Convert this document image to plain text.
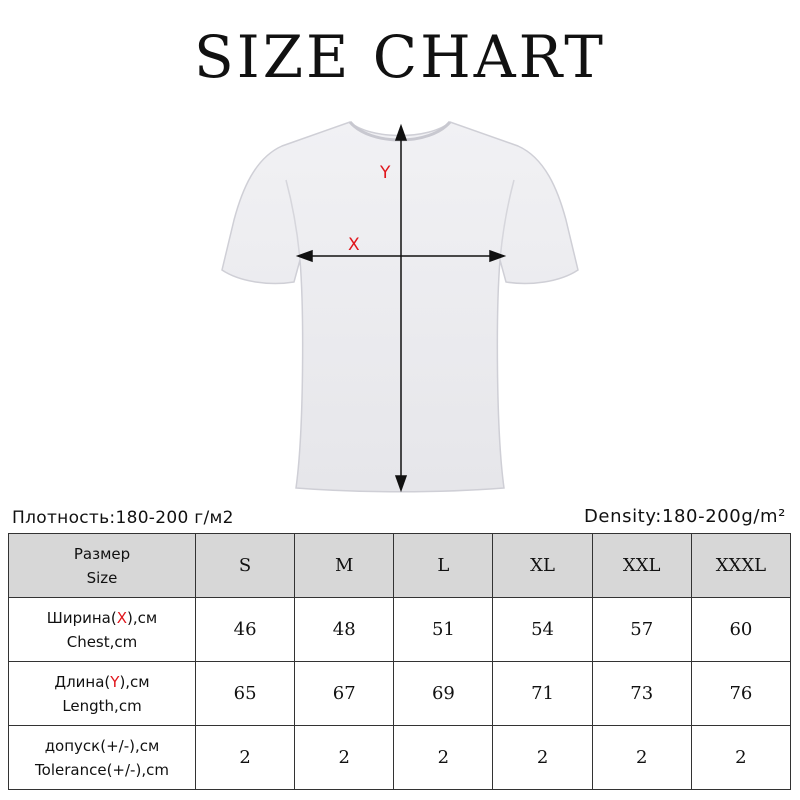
SIZE CHART
Y
X
Плотность:180-200 г/м2	Density:180-200g/m²
Размер
Size	S	M	L	XL	XXL	XXXL

Ширина(X),см
Chest,cm	46	48	51	54	57	60

Длина(Y),см
Length,cm	65	67	69	71	73	76

допуск(+/-),см
Tolerance(+/-),cm	2	2	2	2	2	2
